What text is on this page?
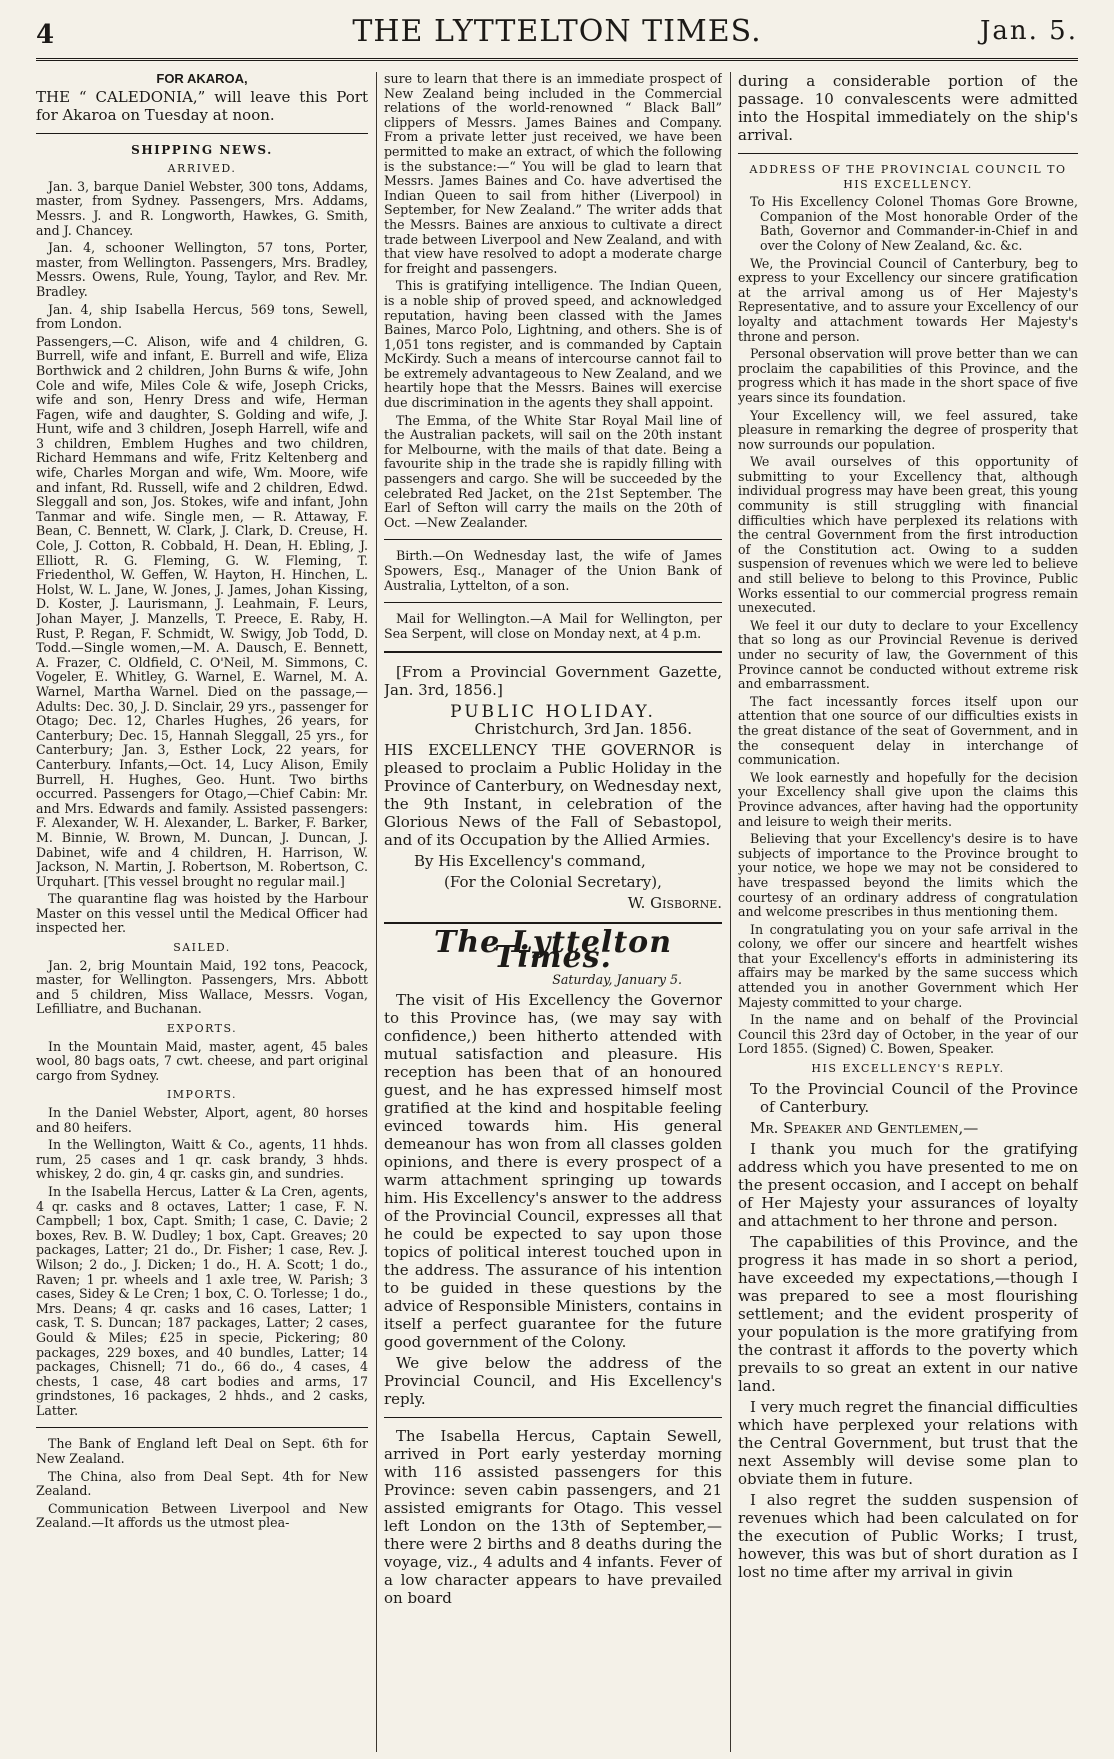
4	THE LYTTELTON TIMES.	Jan. 5.

FOR AKAROA,

THE “ CALEDONIA,” will leave this Port for Akaroa on Tuesday at noon.

SHIPPING NEWS.

ARRIVED.

Jan. 3, barque Daniel Webster, 300 tons, Addams, master, from Sydney. Passengers, Mrs. Addams, Messrs. J. and R. Longworth, Hawkes, G. Smith, and J. Chancey.

Jan. 4, schooner Wellington, 57 tons, Porter, master, from Wellington. Passengers, Mrs. Bradley, Messrs. Owens, Rule, Young, Taylor, and Rev. Mr. Bradley.

Jan. 4, ship Isabella Hercus, 569 tons, Sewell, from London.

Passengers,—C. Alison, wife and 4 children, G. Burrell, wife and infant, E. Burrell and wife, Eliza Borthwick and 2 children, John Burns & wife, John Cole and wife, Miles Cole & wife, Joseph Cricks, wife and son, Henry Dress and wife, Herman Fagen, wife and daughter, S. Golding and wife, J. Hunt, wife and 3 children, Joseph Harrell, wife and 3 children, Emblem Hughes and two children, Richard Hemmans and wife, Fritz Keltenberg and wife, Charles Morgan and wife, Wm. Moore, wife and infant, Rd. Russell, wife and 2 children, Edwd. Sleggall and son, Jos. Stokes, wife and infant, John Tanmar and wife. Single men, — R. Attaway, F. Bean, C. Bennett, W. Clark, J. Clark, D. Creuse, H. Cole, J. Cotton, R. Cobbald, H. Dean, H. Ebling, J. Elliott, R. G. Fleming, G. W. Fleming, T. Friedenthol, W. Geffen, W. Hayton, H. Hinchen, L. Holst, W. L. Jane, W. Jones, J. James, Johan Kissing, D. Koster, J. Laurismann, J. Leahmain, F. Leurs, Johan Mayer, J. Manzells, T. Preece, E. Raby, H. Rust, P. Regan, F. Schmidt, W. Swigy, Job Todd, D. Todd.—Single women,—M. A. Dausch, E. Bennett, A. Frazer, C. Oldfield, C. O'Neil, M. Simmons, C. Vogeler, E. Whitley, G. Warnel, E. Warnel, M. A. Warnel, Martha Warnel. Died on the passage,—Adults: Dec. 30, J. D. Sinclair, 29 yrs., passenger for Otago; Dec. 12, Charles Hughes, 26 years, for Canterbury; Dec. 15, Hannah Sleggall, 25 yrs., for Canterbury; Jan. 3, Esther Lock, 22 years, for Canterbury. Infants,—Oct. 14, Lucy Alison, Emily Burrell, H. Hughes, Geo. Hunt. Two births occurred. Passengers for Otago,—Chief Cabin: Mr. and Mrs. Edwards and family. Assisted passengers: F. Alexander, W. H. Alexander, L. Barker, F. Barker, M. Binnie, W. Brown, M. Duncan, J. Duncan, J. Dabinet, wife and 4 children, H. Harrison, W. Jackson, N. Martin, J. Robertson, M. Robertson, C. Urquhart. [This vessel brought no regular mail.]

The quarantine flag was hoisted by the Harbour Master on this vessel until the Medical Officer had inspected her.

SAILED.

Jan. 2, brig Mountain Maid, 192 tons, Peacock, master, for Wellington. Passengers, Mrs. Abbott and 5 children, Miss Wallace, Messrs. Vogan, Lefilliatre, and Buchanan.

EXPORTS.

In the Mountain Maid, master, agent, 45 bales wool, 80 bags oats, 7 cwt. cheese, and part original cargo from Sydney.

IMPORTS.

In the Daniel Webster, Alport, agent, 80 horses and 80 heifers.

In the Wellington, Waitt & Co., agents, 11 hhds. rum, 25 cases and 1 qr. cask brandy, 3 hhds. whiskey, 2 do. gin, 4 qr. casks gin, and sundries.

In the Isabella Hercus, Latter & La Cren, agents, 4 qr. casks and 8 octaves, Latter; 1 case, F. N. Campbell; 1 box, Capt. Smith; 1 case, C. Davie; 2 boxes, Rev. B. W. Dudley; 1 box, Capt. Greaves; 20 packages, Latter; 21 do., Dr. Fisher; 1 case, Rev. J. Wilson; 2 do., J. Dicken; 1 do., H. A. Scott; 1 do., Raven; 1 pr. wheels and 1 axle tree, W. Parish; 3 cases, Sidey & Le Cren; 1 box, C. O. Torlesse; 1 do., Mrs. Deans; 4 qr. casks and 16 cases, Latter; 1 cask, T. S. Duncan; 187 packages, Latter; 2 cases, Gould & Miles; £25 in specie, Pickering; 80 packages, 229 boxes, and 40 bundles, Latter; 14 packages, Chisnell; 71 do., 66 do., 4 cases, 4 chests, 1 case, 48 cart bodies and arms, 17 grindstones, 16 packages, 2 hhds., and 2 casks, Latter.

The Bank of England left Deal on Sept. 6th for New Zealand.

The China, also from Deal Sept. 4th for New Zealand.

Communication Between Liverpool and New Zealand.—It affords us the utmost plea-

sure to learn that there is an immediate prospect of New Zealand being included in the Commercial relations of the world-renowned “ Black Ball” clippers of Messrs. James Baines and Company. From a private letter just received, we have been permitted to make an extract, of which the following is the substance:—“ You will be glad to learn that Messrs. James Baines and Co. have advertised the Indian Queen to sail from hither (Liverpool) in September, for New Zealand.” The writer adds that the Messrs. Baines are anxious to cultivate a direct trade between Liverpool and New Zealand, and with that view have resolved to adopt a moderate charge for freight and passengers.

This is gratifying intelligence. The Indian Queen, is a noble ship of proved speed, and acknowledged reputation, having been classed with the James Baines, Marco Polo, Lightning, and others. She is of 1,051 tons register, and is commanded by Captain McKirdy. Such a means of intercourse cannot fail to be extremely advantageous to New Zealand, and we heartily hope that the Messrs. Baines will exercise due discrimination in the agents they shall appoint.

The Emma, of the White Star Royal Mail line of the Australian packets, will sail on the 20th instant for Melbourne, with the mails of that date. Being a favourite ship in the trade she is rapidly filling with passengers and cargo. She will be succeeded by the celebrated Red Jacket, on the 21st September. The Earl of Sefton will carry the mails on the 20th of Oct. —New Zealander.

Birth.—On Wednesday last, the wife of James Spowers, Esq., Manager of the Union Bank of Australia, Lyttelton, of a son.

Mail for Wellington.—A Mail for Wellington, per Sea Serpent, will close on Monday next, at 4 p.m.

[From a Provincial Government Gazette, Jan. 3rd, 1856.]

PUBLIC HOLIDAY.

Christchurch, 3rd Jan. 1856.

HIS EXCELLENCY THE GOVERNOR is pleased to proclaim a Public Holiday in the Province of Canterbury, on Wednesday next, the 9th Instant, in celebration of the Glorious News of the Fall of Sebastopol, and of its Occupation by the Allied Armies.

By His Excellency's command,

(For the Colonial Secretary),

W. Gisborne.

The Lyttelton Times.

Saturday, January 5.

The visit of His Excellency the Governor to this Province has, (we may say with confidence,) been hitherto attended with mutual satisfaction and pleasure. His reception has been that of an honoured guest, and he has expressed himself most gratified at the kind and hospitable feeling evinced towards him. His general demeanour has won from all classes golden opinions, and there is every prospect of a warm attachment springing up towards him. His Excellency's answer to the address of the Provincial Council, expresses all that he could be expected to say upon those topics of political interest touched upon in the address. The assurance of his intention to be guided in these questions by the advice of Responsible Ministers, contains in itself a perfect guarantee for the future good government of the Colony.

We give below the address of the Provincial Council, and His Excellency's reply.

The Isabella Hercus, Captain Sewell, arrived in Port early yesterday morning with 116 assisted passengers for this Province: seven cabin passengers, and 21 assisted emigrants for Otago. This vessel left London on the 13th of September,—there were 2 births and 8 deaths during the voyage, viz., 4 adults and 4 infants. Fever of a low character appears to have prevailed on board

during a considerable portion of the passage. 10 convalescents were admitted into the Hospital immediately on the ship's arrival.

ADDRESS OF THE PROVINCIAL COUNCIL TO HIS EXCELLENCY.

To His Excellency Colonel Thomas Gore Browne, Companion of the Most honorable Order of the Bath, Governor and Commander-in-Chief in and over the Colony of New Zealand, &c. &c.

We, the Provincial Council of Canterbury, beg to express to your Excellency our sincere gratification at the arrival among us of Her Majesty's Representative, and to assure your Excellency of our loyalty and attachment towards Her Majesty's throne and person.

Personal observation will prove better than we can proclaim the capabilities of this Province, and the progress which it has made in the short space of five years since its foundation.

Your Excellency will, we feel assured, take pleasure in remarking the degree of prosperity that now surrounds our population.

We avail ourselves of this opportunity of submitting to your Excellency that, although individual progress may have been great, this young community is still struggling with financial difficulties which have perplexed its relations with the central Government from the first introduction of the Constitution act. Owing to a sudden suspension of revenues which we were led to believe and still believe to belong to this Province, Public Works essential to our commercial progress remain unexecuted.

We feel it our duty to declare to your Excellency that so long as our Provincial Revenue is derived under no security of law, the Government of this Province cannot be conducted without extreme risk and embarrassment.

The fact incessantly forces itself upon our attention that one source of our difficulties exists in the great distance of the seat of Government, and in the consequent delay in interchange of communication.

We look earnestly and hopefully for the decision your Excellency shall give upon the claims this Province advances, after having had the opportunity and leisure to weigh their merits.

Believing that your Excellency's desire is to have subjects of importance to the Province brought to your notice, we hope we may not be considered to have trespassed beyond the limits which the courtesy of an ordinary address of congratulation and welcome prescribes in thus mentioning them.

In congratulating you on your safe arrival in the colony, we offer our sincere and heartfelt wishes that your Excellency's efforts in administering its affairs may be marked by the same success which attended you in another Government which Her Majesty committed to your charge.

In the name and on behalf of the Provincial Council this 23rd day of October, in the year of our Lord 1855. (Signed) C. Bowen, Speaker.

HIS EXCELLENCY'S REPLY.

To the Provincial Council of the Province of Canterbury.

Mr. Speaker and Gentlemen,—

I thank you much for the gratifying address which you have presented to me on the present occasion, and I accept on behalf of Her Majesty your assurances of loyalty and attachment to her throne and person.

The capabilities of this Province, and the progress it has made in so short a period, have exceeded my expectations,—though I was prepared to see a most flourishing settlement; and the evident prosperity of your population is the more gratifying from the contrast it affords to the poverty which prevails to so great an extent in our native land.

I very much regret the financial difficulties which have perplexed your relations with the Central Government, but trust that the next Assembly will devise some plan to obviate them in future.

I also regret the sudden suspension of revenues which had been calculated on for the execution of Public Works; I trust, however, this was but of short duration as I lost no time after my arrival in givin
